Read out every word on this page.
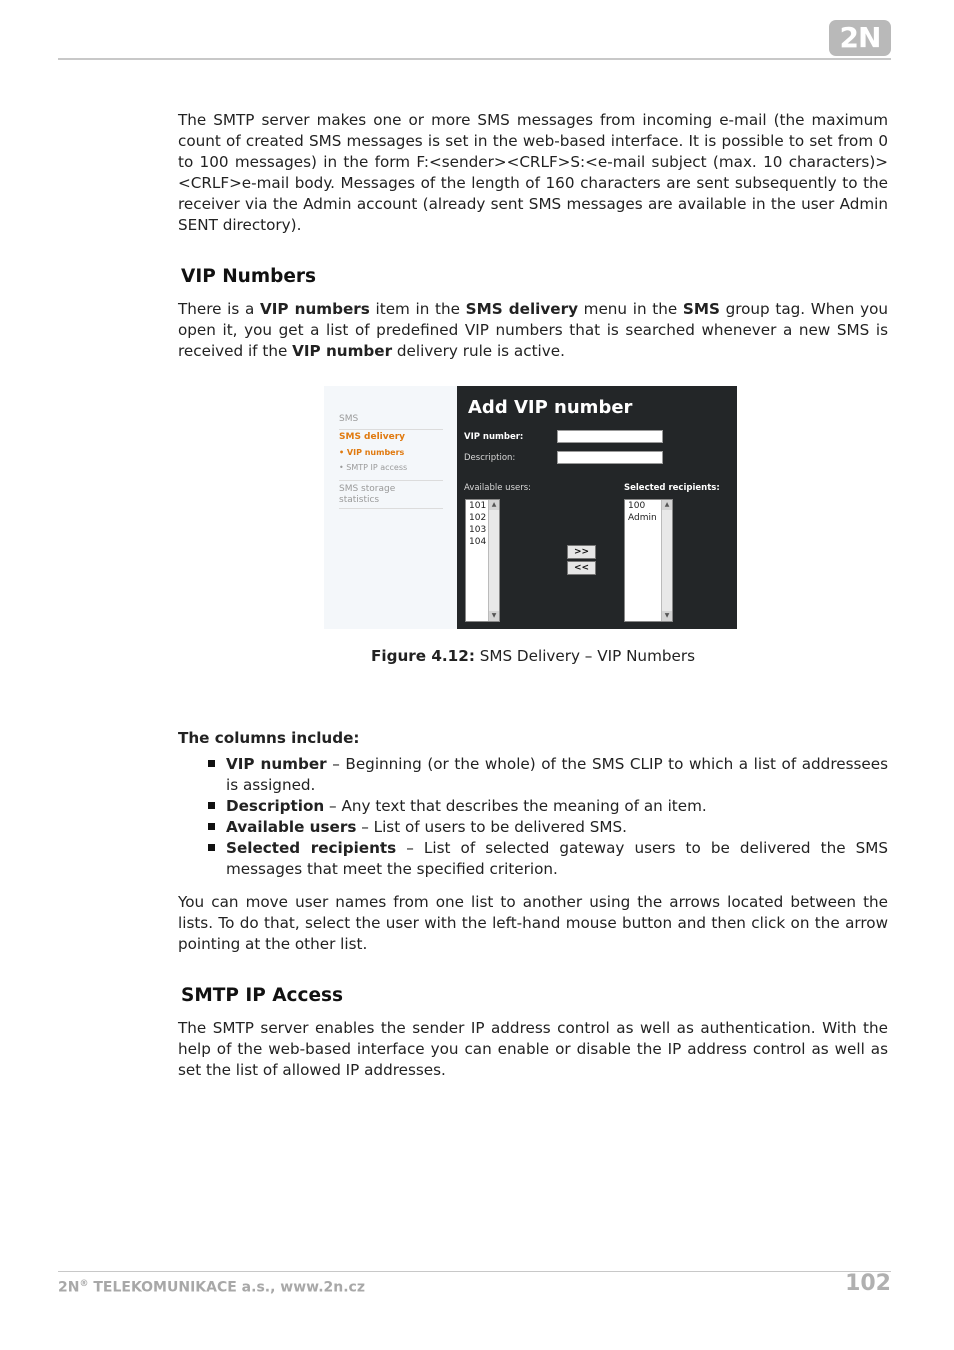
2N

The SMTP server makes one or more SMS messages from incoming e-mail (the maximum count of created SMS messages is set in the web-based interface. It is possible to set from 0 to 100 messages) in the form F:<sender><CRLF>S:<e-mail subject (max. 10 characters)><CRLF>e-mail body. Messages of the length of 160 characters are sent subsequently to the receiver via the Admin account (already sent SMS messages are available in the user Admin SENT directory).

VIP Numbers

There is a VIP numbers item in the SMS delivery menu in the SMS group tag. When you open it, you get a list of predefined VIP numbers that is searched whenever a new SMS is received if the VIP number delivery rule is active.

SMS
SMS delivery
• VIP numbers
• SMTP IP access
SMS storage
statistics
Add VIP number
VIP number:
Description:
Available users:	Selected recipients:
101
102
103
104
▲
▼
>>
<<
100
Admin
▲
▼

Figure 4.12: SMS Delivery – VIP Numbers

The columns include:

VIP number – Beginning (or the whole) of the SMS CLIP to which a list of addressees is assigned.
Description – Any text that describes the meaning of an item.
Available users – List of users to be delivered SMS.
Selected recipients – List of selected gateway users to be delivered the SMS messages that meet the specified criterion.

You can move user names from one list to another using the arrows located between the lists. To do that, select the user with the left-hand mouse button and then click on the arrow pointing at the other list.

SMTP IP Access

The SMTP server enables the sender IP address control as well as authentication. With the help of the web-based interface you can enable or disable the IP address control as well as set the list of allowed IP addresses.

2N® TELEKOMUNIKACE a.s., www.2n.cz	102
